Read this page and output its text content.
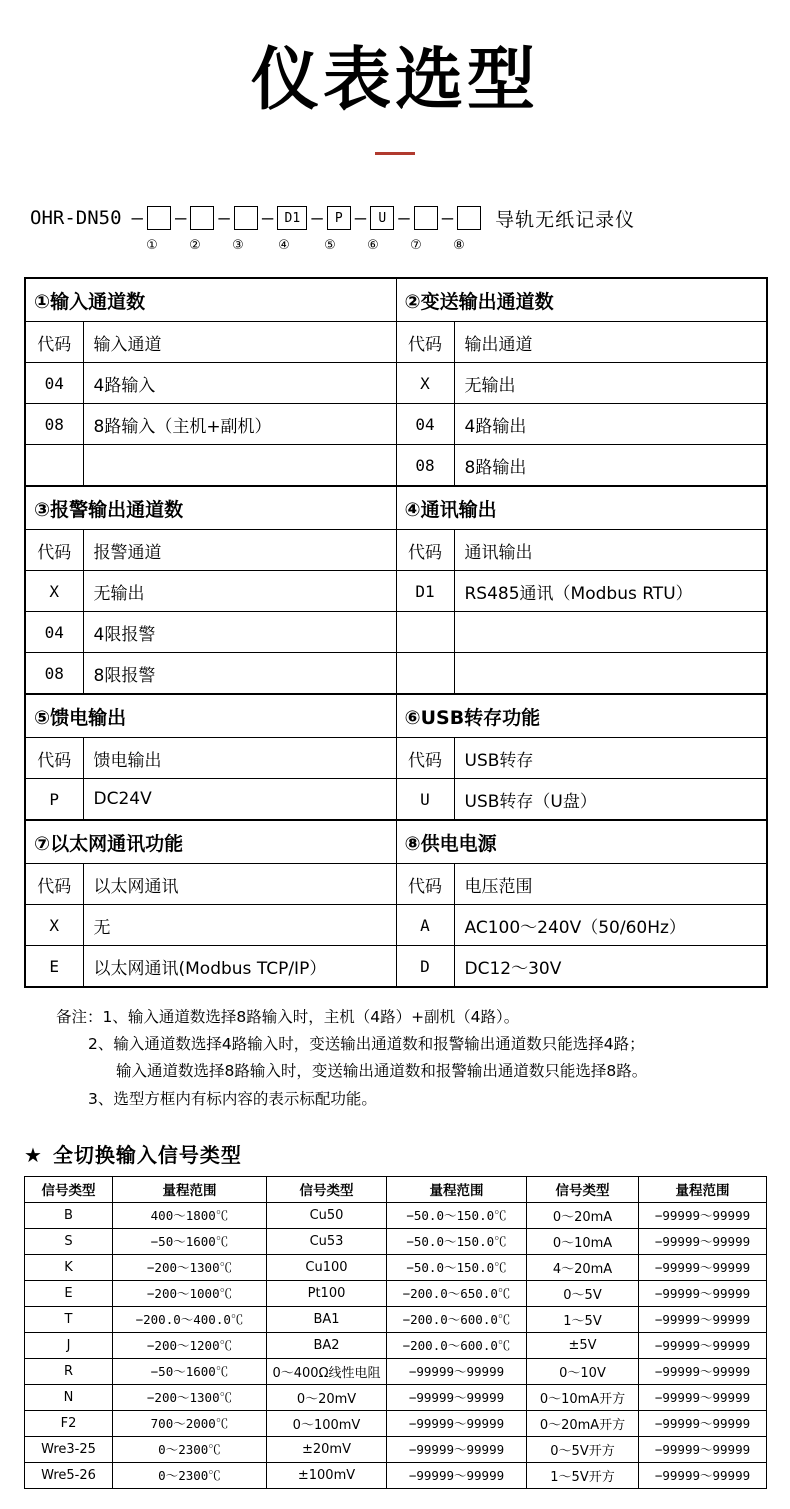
仪表选型
OHR-DN50 – – – – D1 – P – U – – 导轨无纸记录仪
①	②	③	④	⑤	⑥	⑦	⑧
①输入通道数		②变送输出通道数	
代码	输入通道	代码	输出通道
04	4路输入	X	无输出
08	8路输入（主机+副机）	04	4路输出
		08	8路输出
③报警输出通道数		④通讯输出	
代码	报警通道	代码	通讯输出
X	无输出	D1	RS485通讯（Modbus RTU）
04	4限报警		
08	8限报警		
⑤馈电输出		⑥USB转存功能	
代码	馈电输出	代码	USB转存
P	DC24V	U	USB转存（U盘）
⑦以太网通讯功能		⑧供电电源	
代码	以太网通讯	代码	电压范围
X	无	A	AC100～240V（50/60Hz）
E	以太网通讯(Modbus TCP/IP）	D	DC12～30V
备注：1、输入通道数选择8路输入时，主机（4路）+副机（4路）。
2、输入通道数选择4路输入时，变送输出通道数和报警输出通道数只能选择4路；
输入通道数选择8路输入时，变送输出通道数和报警输出通道数只能选择8路。
3、选型方框内有标内容的表示标配功能。
★ 全切换输入信号类型
信号类型	量程范围	信号类型	量程范围	信号类型	量程范围
B	400～1800℃	Cu50	−50.0～150.0℃	0～20mA	−99999～99999
S	−50～1600℃	Cu53	−50.0～150.0℃	0～10mA	−99999～99999
K	−200～1300℃	Cu100	−50.0～150.0℃	4～20mA	−99999～99999
E	−200～1000℃	Pt100	−200.0～650.0℃	0～5V	−99999～99999
T	−200.0～400.0℃	BA1	−200.0～600.0℃	1～5V	−99999～99999
J	−200～1200℃	BA2	−200.0～600.0℃	±5V	−99999～99999
R	−50～1600℃	0～400Ω线性电阻	−99999～99999	0～10V	−99999～99999
N	−200～1300℃	0～20mV	−99999～99999	0～10mA开方	−99999～99999
F2	700～2000℃	0～100mV	−99999～99999	0～20mA开方	−99999～99999
Wre3-25	0～2300℃	±20mV	−99999～99999	0～5V开方	−99999～99999
Wre5-26	0～2300℃	±100mV	−99999～99999	1～5V开方	−99999～99999
